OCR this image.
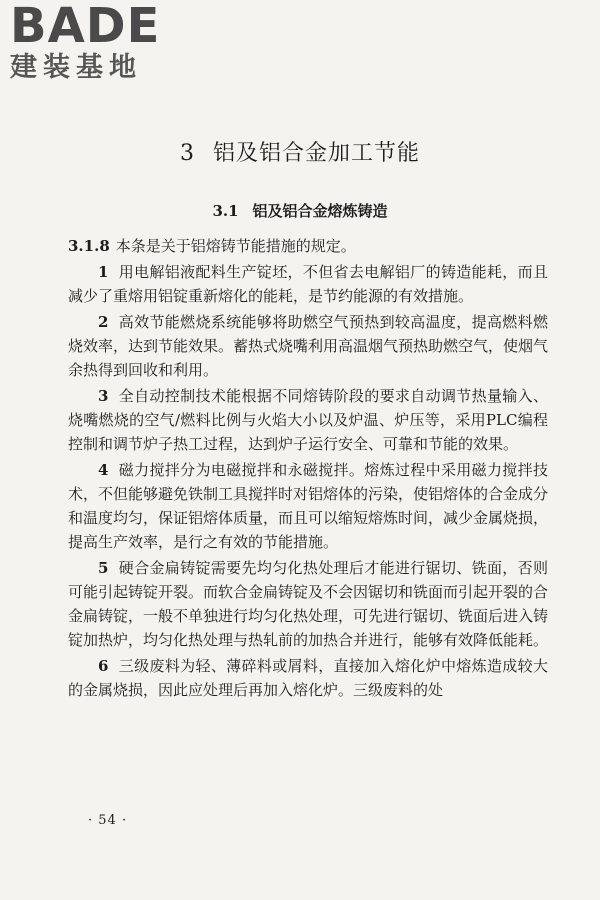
BADE
建装基地
3 铝及铝合金加工节能
3.1 铝及铝合金熔炼铸造

3.1.8 本条是关于铝熔铸节能措施的规定。

1 用电解铝液配料生产锭坯，不但省去电解铝厂的铸造能耗，而且减少了重熔用铝锭重新熔化的能耗，是节约能源的有效措施。

2 高效节能燃烧系统能够将助燃空气预热到较高温度，提高燃料燃烧效率，达到节能效果。蓄热式烧嘴利用高温烟气预热助燃空气，使烟气余热得到回收和利用。

3 全自动控制技术能根据不同熔铸阶段的要求自动调节热量输入、烧嘴燃烧的空气/燃料比例与火焰大小以及炉温、炉压等，采用PLC编程控制和调节炉子热工过程，达到炉子运行安全、可靠和节能的效果。

4 磁力搅拌分为电磁搅拌和永磁搅拌。熔炼过程中采用磁力搅拌技术，不但能够避免铁制工具搅拌时对铝熔体的污染，使铝熔体的合金成分和温度均匀，保证铝熔体质量，而且可以缩短熔炼时间，减少金属烧损，提高生产效率，是行之有效的节能措施。

5 硬合金扁铸锭需要先均匀化热处理后才能进行锯切、铣面，否则可能引起铸锭开裂。而软合金扁铸锭及不会因锯切和铣面而引起开裂的合金扁铸锭，一般不单独进行均匀化热处理，可先进行锯切、铣面后进入铸锭加热炉，均匀化热处理与热轧前的加热合并进行，能够有效降低能耗。

6 三级废料为轻、薄碎料或屑料，直接加入熔化炉中熔炼造成较大的金属烧损，因此应处理后再加入熔化炉。三级废料的处

· 54 ·
